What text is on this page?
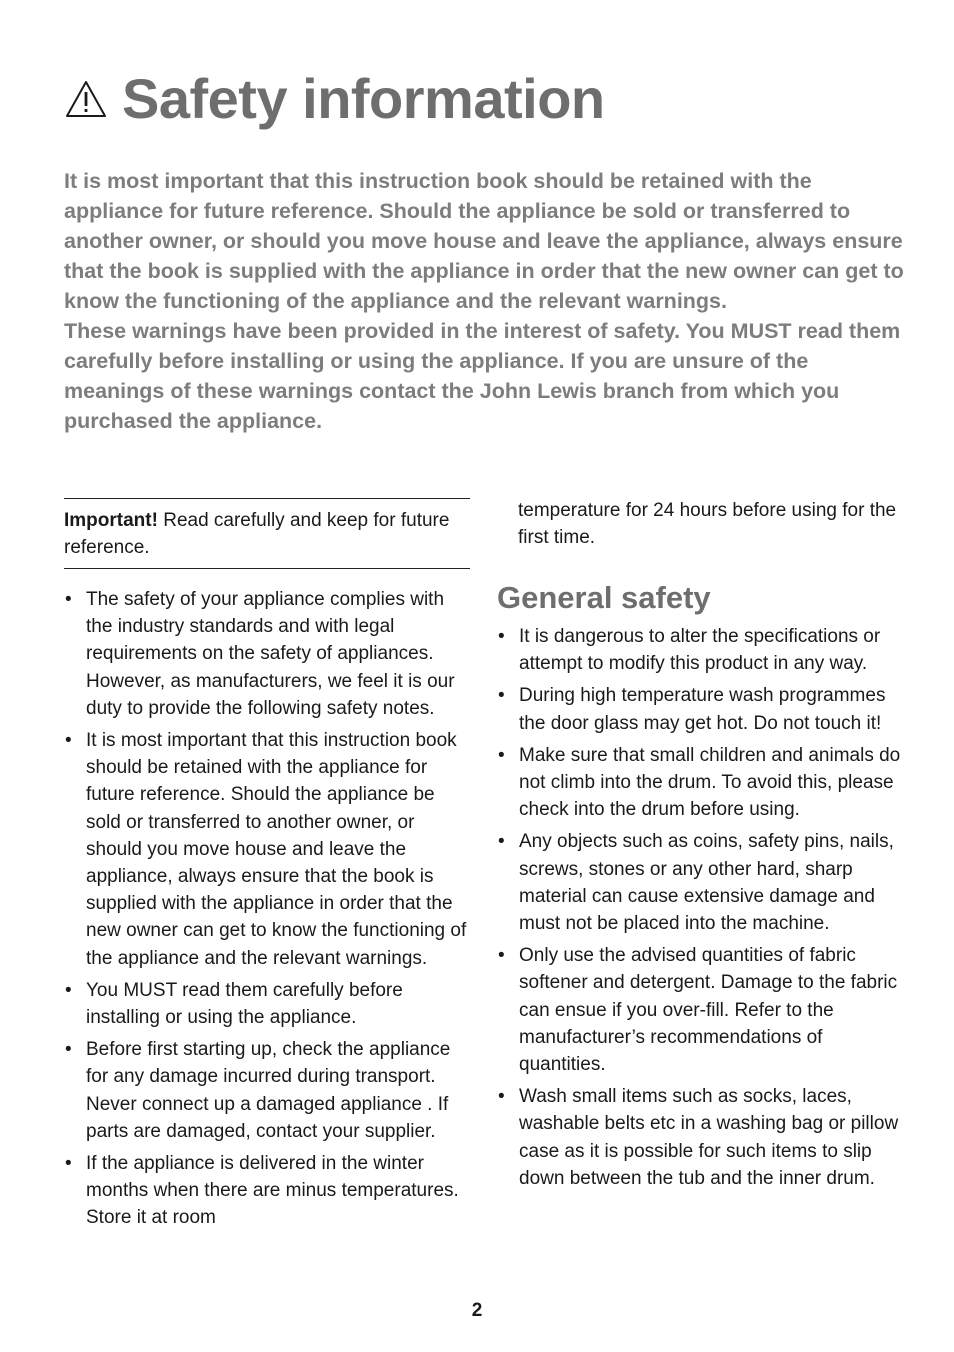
Safety information

It is most important that this instruction book should be retained with the appliance for future reference. Should the appliance be sold or transferred to another owner, or should you move house and leave the appliance, always ensure that the book is supplied with the appliance in order that the new owner can get to know the functioning of the appliance and the relevant warnings.

These warnings have been provided in the interest of safety. You MUST read them carefully before installing or using the appliance. If you are unsure of the meanings of these warnings contact the John Lewis branch from which you purchased the appliance.

Important! Read carefully and keep for future reference.
• The safety of your appliance complies with the industry standards and with legal requirements on the safety of appliances. However, as manufacturers, we feel it is our duty to provide the following safety notes.
• It is most important that this instruction book should be retained with the appliance for future reference. Should the appliance be sold or transferred to another owner, or should you move house and leave the appliance, always ensure that the book is supplied with the appliance in order that the new owner can get to know the functioning of the appliance and the relevant warnings.
• You MUST read them carefully before installing or using the appliance.
• Before first starting up, check the appliance for any damage incurred during transport. Never connect up a damaged appliance . If parts are damaged, contact your supplier.
• If the appliance is delivered in the winter months when there are minus temperatures. Store it at room

temperature for 24 hours before using for the first time.

General safety
• It is dangerous to alter the specifications or attempt to modify this product in any way.
• During high temperature wash programmes the door glass may get hot. Do not touch it!
• Make sure that small children and animals do not climb into the drum. To avoid this, please check into the drum before using.
• Any objects such as coins, safety pins, nails, screws, stones or any other hard, sharp material can cause extensive damage and must not be placed into the machine.
• Only use the advised quantities of fabric softener and detergent. Damage to the fabric can ensue if you over-fill. Refer to the manufacturer’s recommendations of quantities.
• Wash small items such as socks, laces, washable belts etc in a washing bag or pillow case as it is possible for such items to slip down between the tub and the inner drum.
2
